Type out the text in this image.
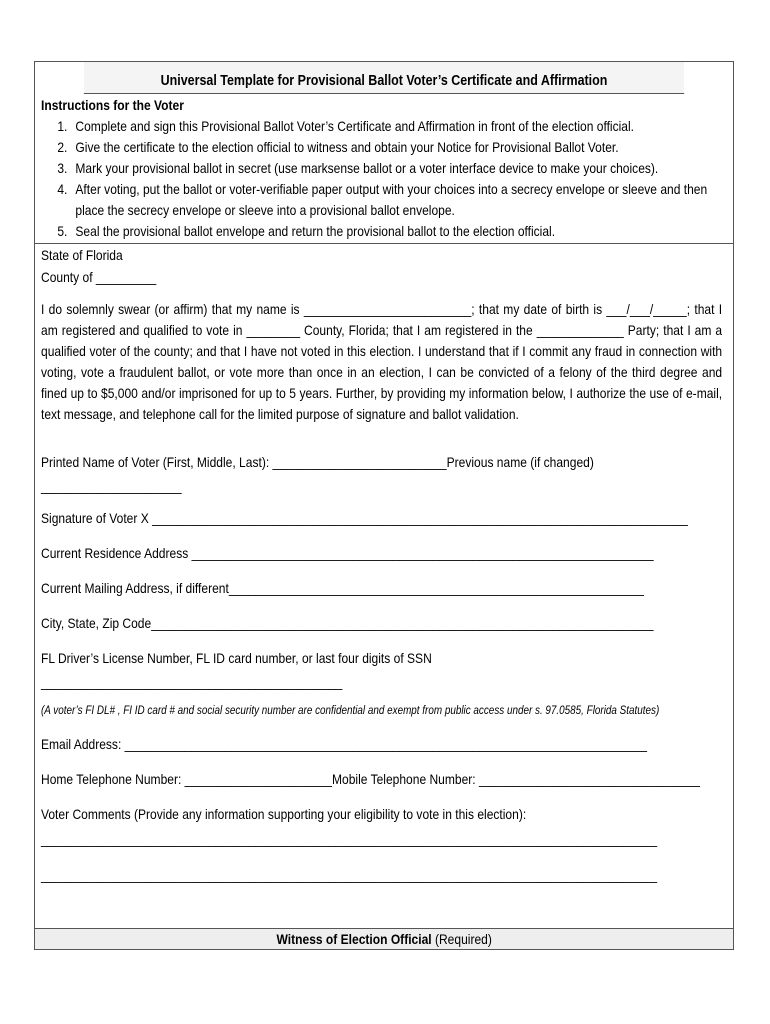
Universal Template for Provisional Ballot Voter’s Certificate and Affirmation
Instructions for the Voter
1. Complete and sign this Provisional Ballot Voter’s Certificate and Affirmation in front of the election official.
2. Give the certificate to the election official to witness and obtain your Notice for Provisional Ballot Voter.
3. Mark your provisional ballot in secret (use marksense ballot or a voter interface device to make your choices).
4. After voting, put the ballot or voter-verifiable paper output with your choices into a secrecy envelope or sleeve and then
place the secrecy envelope or sleeve into a provisional ballot envelope.
5. Seal the provisional ballot envelope and return the provisional ballot to the election official.
State of Florida
County of _________
I do solemnly swear (or affirm) that my name is _________________________; that my date of birth is ___/___/_____; that I am registered and qualified to vote in ________ County, Florida; that I am registered in the _____________ Party; that I am a qualified voter of the county; and that I have not voted in this election. I understand that if I commit any fraud in connection with voting, vote a fraudulent ballot, or vote more than once in an election, I can be convicted of a felony of the third degree and fined up to $5,000 and/or imprisoned for up to 5 years. Further, by providing my information below, I authorize the use of e-mail, text message, and telephone call for the limited purpose of signature and ballot validation.
Printed Name of Voter (First, Middle, Last): __________________________Previous name (if changed)
_____________________
Signature of Voter X ________________________________________________________________________________
Current Residence Address _____________________________________________________________________
Current Mailing Address, if different______________________________________________________________
City, State, Zip Code___________________________________________________________________________
FL Driver’s License Number, FL ID card number, or last four digits of SSN
_____________________________________________
(A voter’s FI DL# , FI ID card # and social security number are confidential and exempt from public access under s. 97.0585, Florida Statutes)
Email Address: ______________________________________________________________________________
Home Telephone Number: ______________________Mobile Telephone Number: _________________________________
Voter Comments (Provide any information supporting your eligibility to vote in this election):
____________________________________________________________________________________________
____________________________________________________________________________________________
Witness of Election Official (Required)
